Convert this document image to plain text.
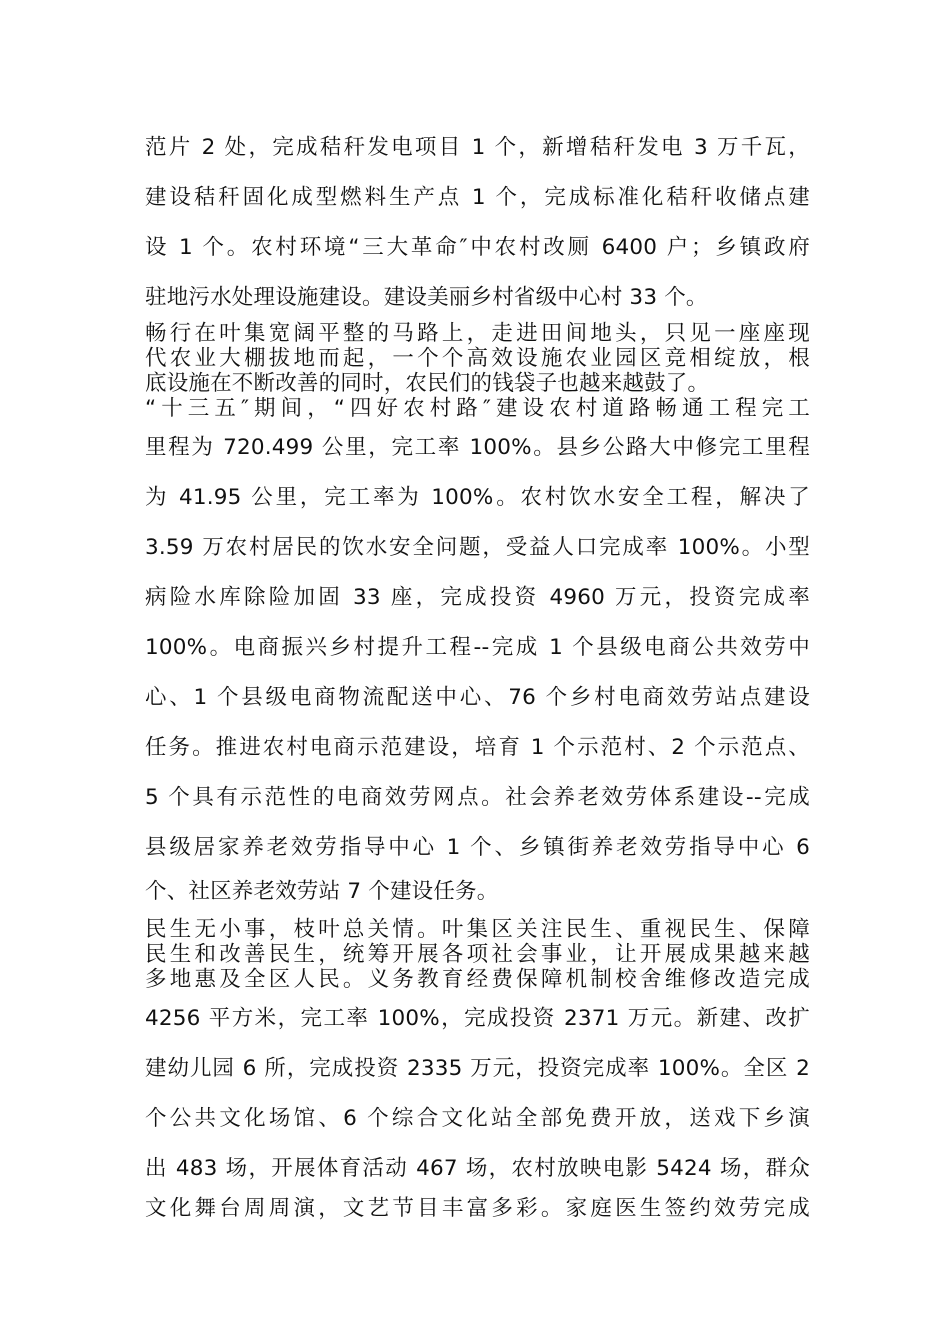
范片 2 处，完成秸秆发电项目 1 个，新增秸秆发电 3 万千瓦，
建设秸秆固化成型燃料生产点 1 个，完成标准化秸秆收储点建
设 1 个。农村环境“三大革命″中农村改厕 6400 户；乡镇政府
驻地污水处理设施建设。建设美丽乡村省级中心村 33 个。
畅行在叶集宽阔平整的马路上，走进田间地头，只见一座座现
代农业大棚拔地而起，一个个高效设施农业园区竞相绽放，根
底设施在不断改善的同时，农民们的钱袋子也越来越鼓了。
“十三五″期间，“四好农村路″建设农村道路畅通工程完工
里程为 720.499 公里，完工率 100%。县乡公路大中修完工里程
为 41.95 公里，完工率为 100%。农村饮水安全工程，解决了
3.59 万农村居民的饮水安全问题，受益人口完成率 100%。小型
病险水库除险加固 33 座，完成投资 4960 万元，投资完成率
100%。电商振兴乡村提升工程--完成 1 个县级电商公共效劳中
心、1 个县级电商物流配送中心、76 个乡村电商效劳站点建设
任务。推进农村电商示范建设，培育 1 个示范村、2 个示范点、
5 个具有示范性的电商效劳网点。社会养老效劳体系建设--完成
县级居家养老效劳指导中心 1 个、乡镇街养老效劳指导中心 6
个、社区养老效劳站 7 个建设任务。
民生无小事，枝叶总关情。叶集区关注民生、重视民生、保障
民生和改善民生，统筹开展各项社会事业，让开展成果越来越
多地惠及全区人民。义务教育经费保障机制校舍维修改造完成
4256 平方米，完工率 100%，完成投资 2371 万元。新建、改扩
建幼儿园 6 所，完成投资 2335 万元，投资完成率 100%。全区 2
个公共文化场馆、6 个综合文化站全部免费开放，送戏下乡演
出 483 场，开展体育活动 467 场，农村放映电影 5424 场，群众
文化舞台周周演，文艺节目丰富多彩。家庭医生签约效劳完成
